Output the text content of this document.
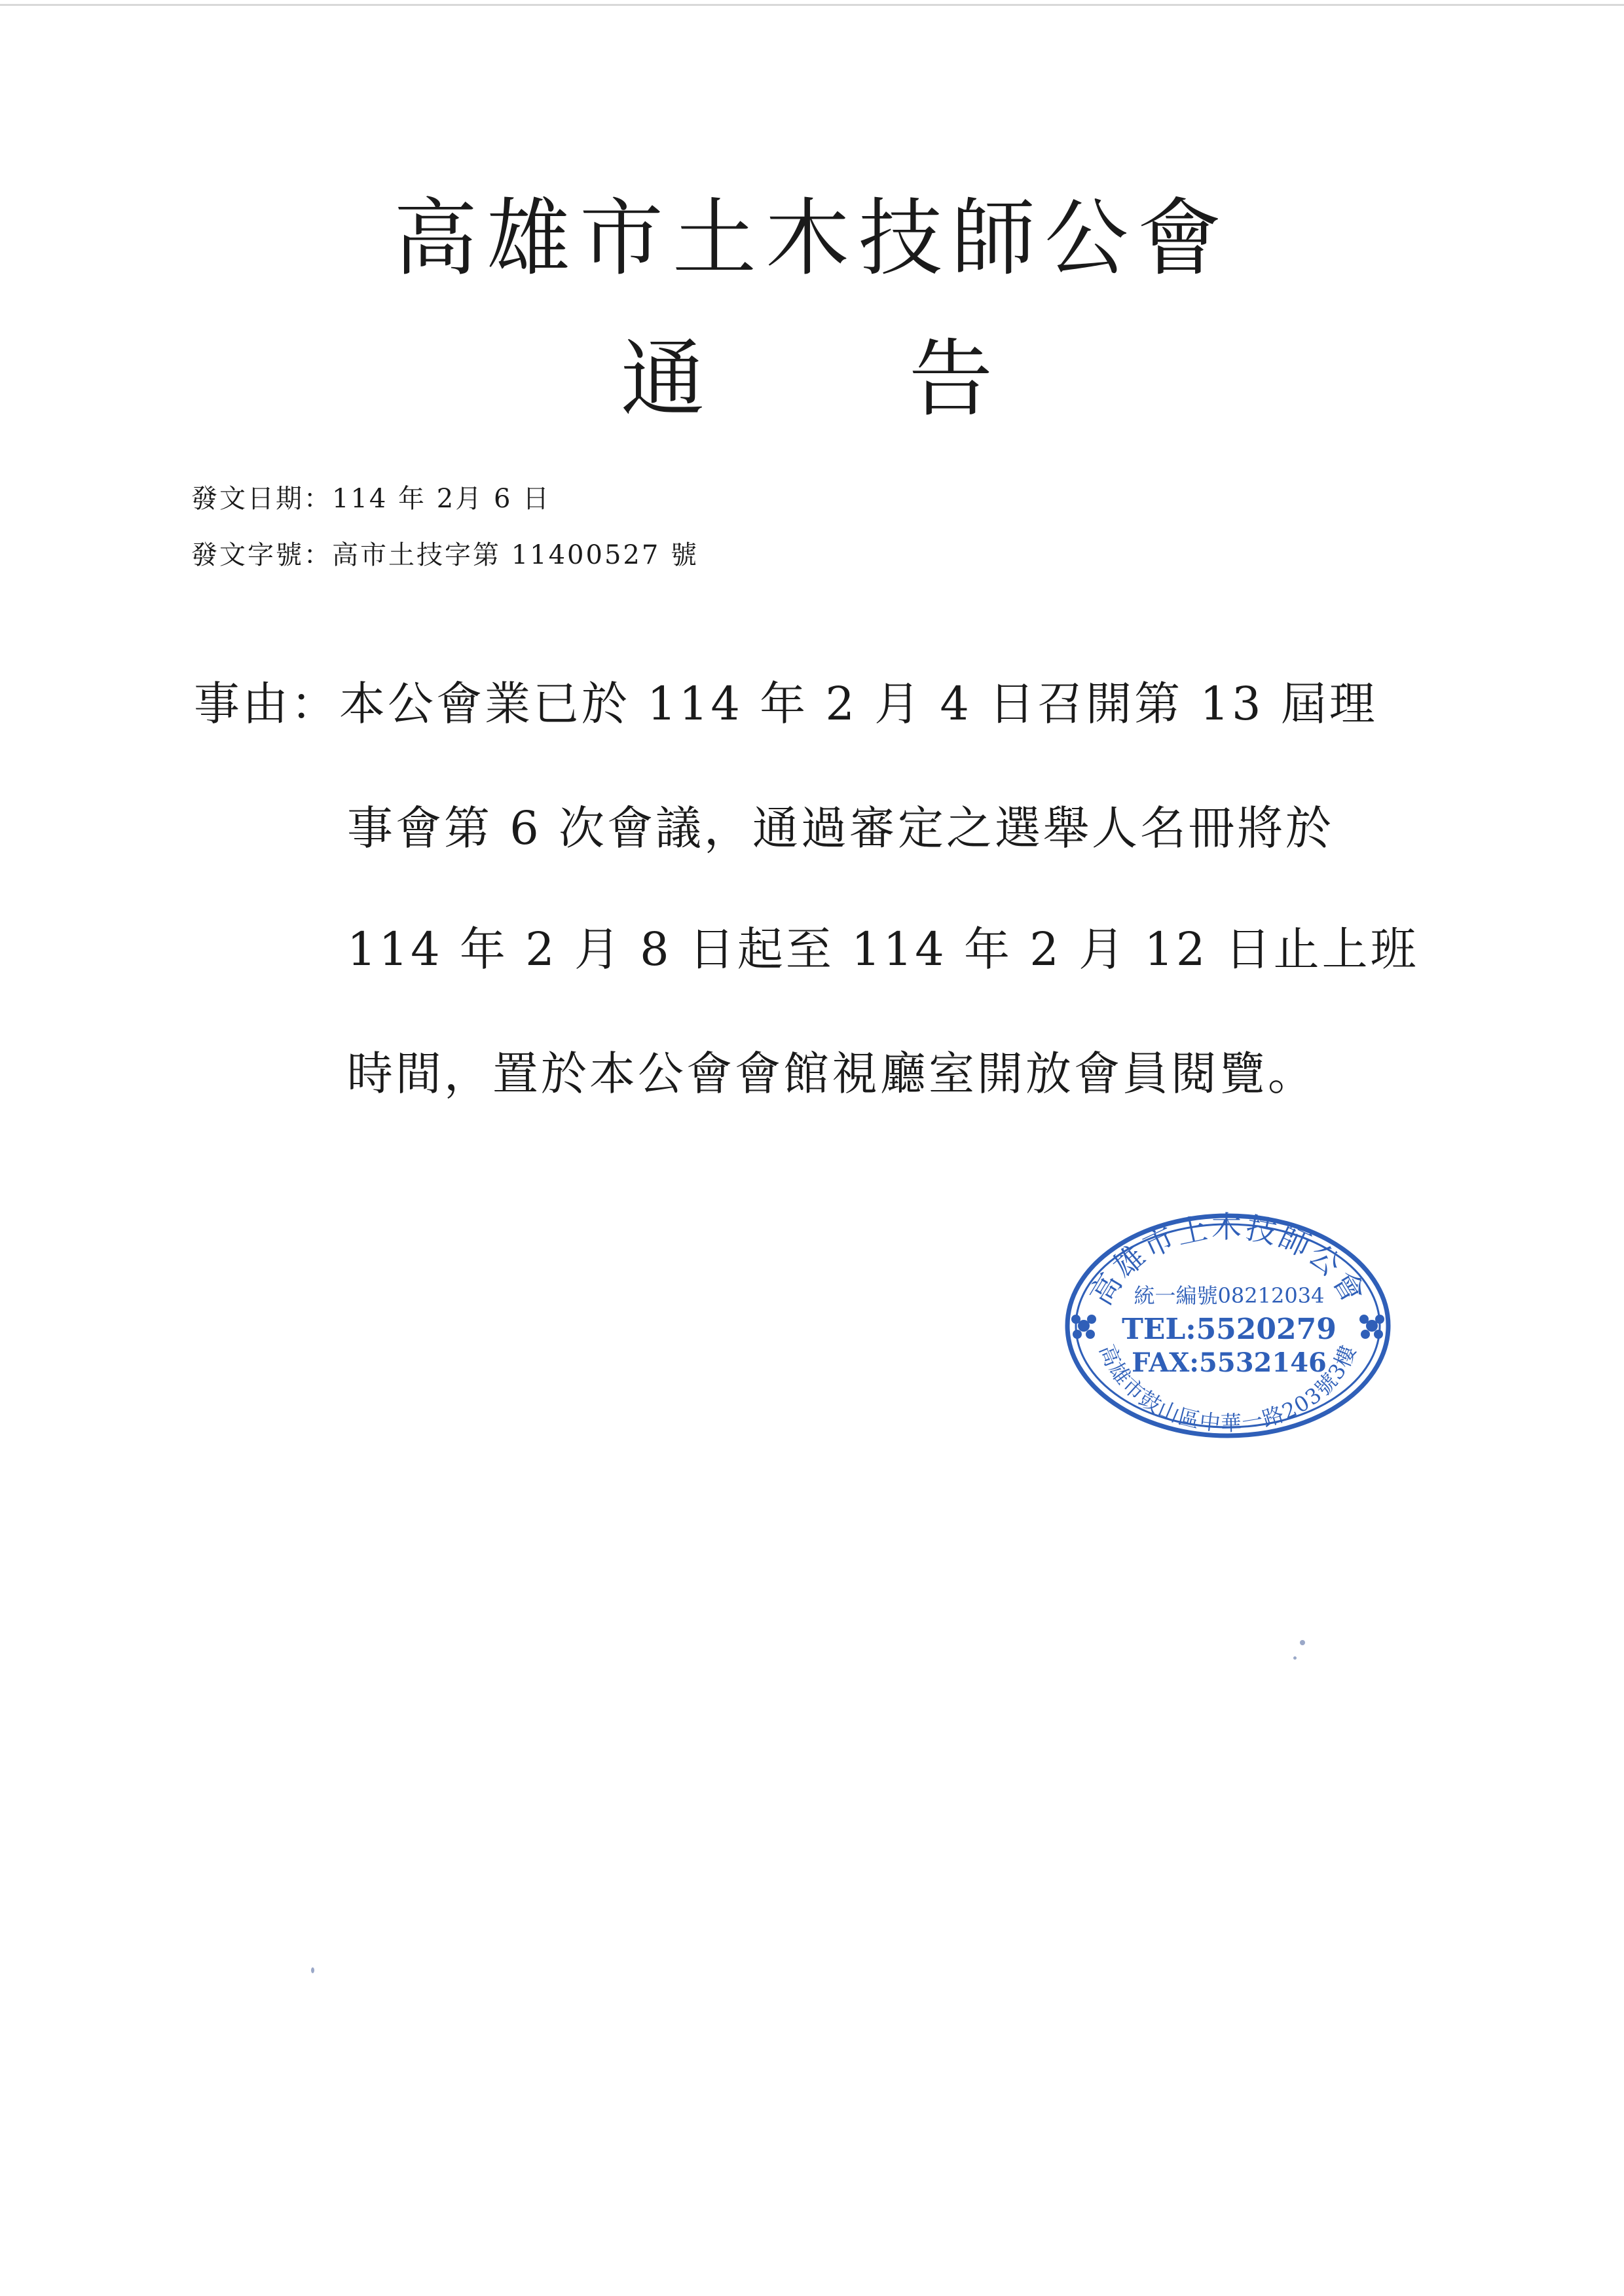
高雄市土木技師公會
通 告
發文日期：114 年 2月 6 日
發文字號：高市土技字第 11400527 號
事由：本公會業已於 114 年 2 月 4 日召開第 13 屆理
事會第 6 次會議，通過審定之選舉人名冊將於
114 年 2 月 8 日起至 114 年 2 月 12 日止上班
時間，置於本公會會館視廳室開放會員閱覽。
高雄市土木技師公會
統一編號08212034
TEL:5520279
FAX:5532146
高雄市鼓山區中華一路203號3樓
